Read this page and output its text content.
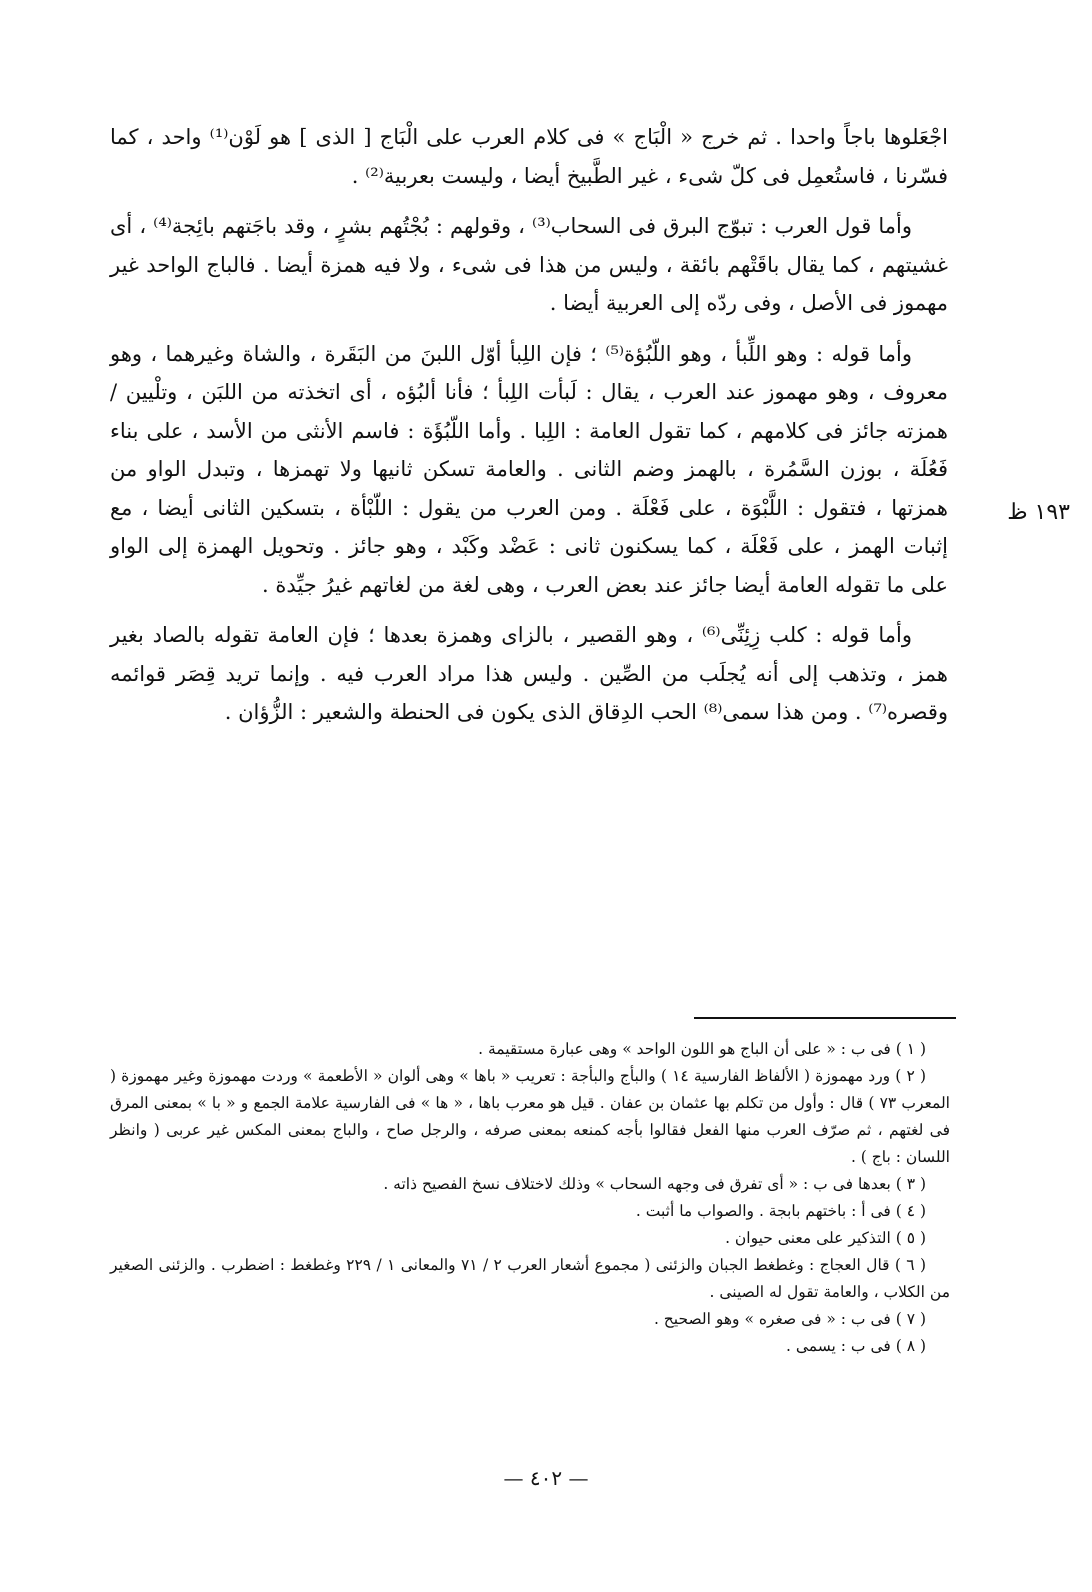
١٩٣ ظ

اجْعَلوها باجاً واحدا . ثم خرج « الْبَاج » فى كلام العرب على الْبَاج [ الذى ] هو لَوْن⁽¹⁾ واحد ، كما فسّرنا ، فاستُعمِل فى كلّ شىء ، غير الطَّبيخ أيضا ، وليست بعربية⁽²⁾ .

وأما قول العرب : تبوّج البرق فى السحاب⁽³⁾ ، وقولهم : بُجْتُهم بشرٍ ، وقد باجَتهم بائِجة⁽⁴⁾ ، أى غشيتهم ، كما يقال باقَتْهم بائقة ، وليس من هذا فى شىء ، ولا فيه همزة أيضا . فالباج الواحد غير مهموز فى الأصل ، وفى ردّه إلى العربية أيضا .

وأما قوله : وهو اللِّبأ ، وهو اللّبُؤة⁽⁵⁾ ؛ فإن اللِبأ أوّل اللبنَ من البَقَرة ، والشاة وغيرهما ، وهو معروف ، وهو مهموز عند العرب ، يقال : لَبأت اللِبأ ؛ فأنا ألبُؤه ، أى اتخذته من اللبَن ، وتلْيين / همزته جائز فى كلامهم ، كما تقول العامة : اللِبا . وأما اللّبُؤَة : فاسم الأنثى من الأسد ، على بناء فَعُلَة ، بوزن السَّمُرة ، بالهمز وضم الثانى . والعامة تسكن ثانيها ولا تهمزها ، وتبدل الواو من همزتها ، فتقول : اللَّبْوَة ، على فَعْلَة . ومن العرب من يقول : اللّبْأة ، بتسكين الثانى أيضا ، مع إثبات الهمز ، على فَعْلَة ، كما يسكنون ثانى : عَضْد وكَبْد ، وهو جائز . وتحويل الهمزة إلى الواو على ما تقوله العامة أيضا جائز عند بعض العرب ، وهى لغة من لغاتهم غيرُ جيِّدة .

وأما قوله : كلب زِئِنِّى⁽⁶⁾ ، وهو القصير ، بالزاى وهمزة بعدها ؛ فإن العامة تقوله بالصاد بغير همز ، وتذهب إلى أنه يُجلَب من الصِّين . وليس هذا مراد العرب فيه . وإنما تريد قِصَر قوائمه وقصره⁽⁷⁾ . ومن هذا سمى⁽⁸⁾ الحب الدِقاق الذى يكون فى الحنطة والشعير : الزُّؤان .

( ١ ) فى ب : « على أن الباج هو اللون الواحد » وهى عبارة مستقيمة .

( ٢ ) ورد مهموزة ( الألفاظ الفارسية ١٤ ) والبأج والبأجة : تعريب « باها » وهى ألوان « الأطعمة » وردت مهموزة وغير مهموزة ( المعرب ٧٣ ) قال : وأول من تكلم بها عثمان بن عفان . قيل هو معرب باها ، « ها » فى الفارسية علامة الجمع و « با » بمعنى المرق فى لغتهم ، ثم صرّف العرب منها الفعل فقالوا بأجه كمنعه بمعنى صرفه ، والرجل صاح ، والباج بمعنى المكس غير عربى ( وانظر اللسان : باج ) .

( ٣ ) بعدها فى ب : « أى تفرق فى وجهه السحاب » وذلك لاختلاف نسخ الفصيح ذاته .

( ٤ ) فى أ : باختهم بابجة . والصواب ما أثبت .

( ٥ ) التذكير على معنى حيوان .

( ٦ ) قال العجاج : وغطغط الجبان والزئنى ( مجموع أشعار العرب ٢ / ٧١ والمعانى ١ / ٢٢٩ وغطغط : اضطرب . والزئنى الصغير من الكلاب ، والعامة تقول له الصينى .

( ٧ ) فى ب : « فى صغره » وهو الصحيح .

( ٨ ) فى ب : يسمى .

— ٤٠٢ —
